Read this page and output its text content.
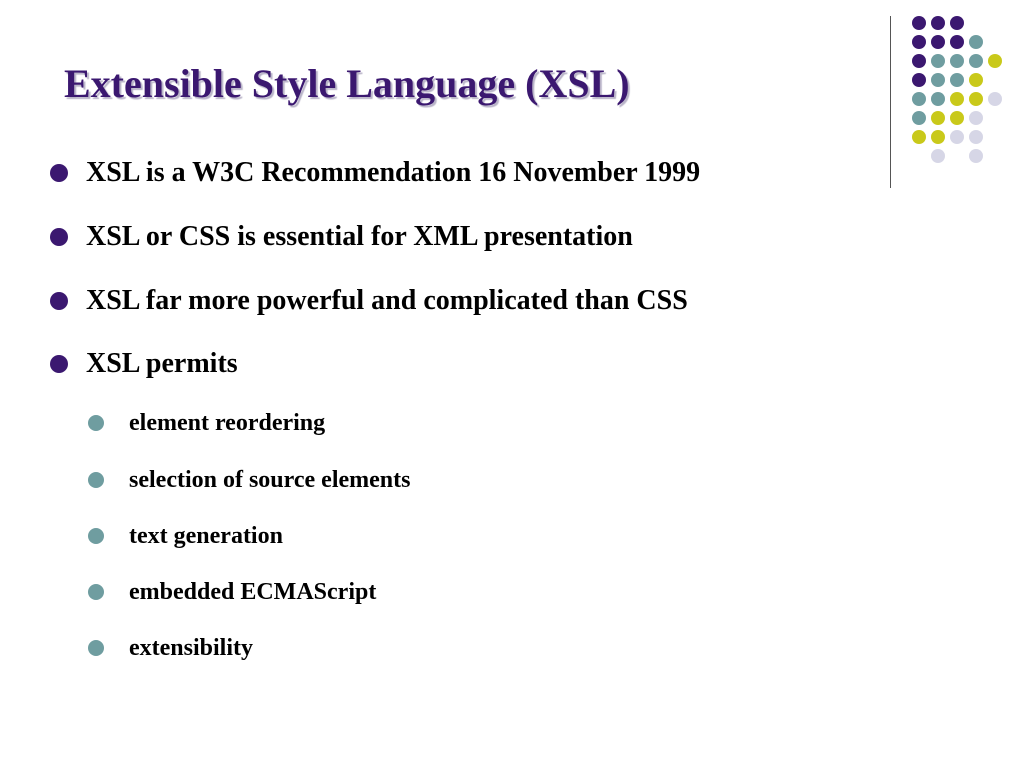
Extensible Style Language (XSL)
XSL is a W3C Recommendation 16 November 1999
XSL or CSS is essential for XML presentation
XSL far more powerful and complicated than CSS
XSL permits
element reordering
selection of source elements
text generation
embedded ECMAScript
extensibility
